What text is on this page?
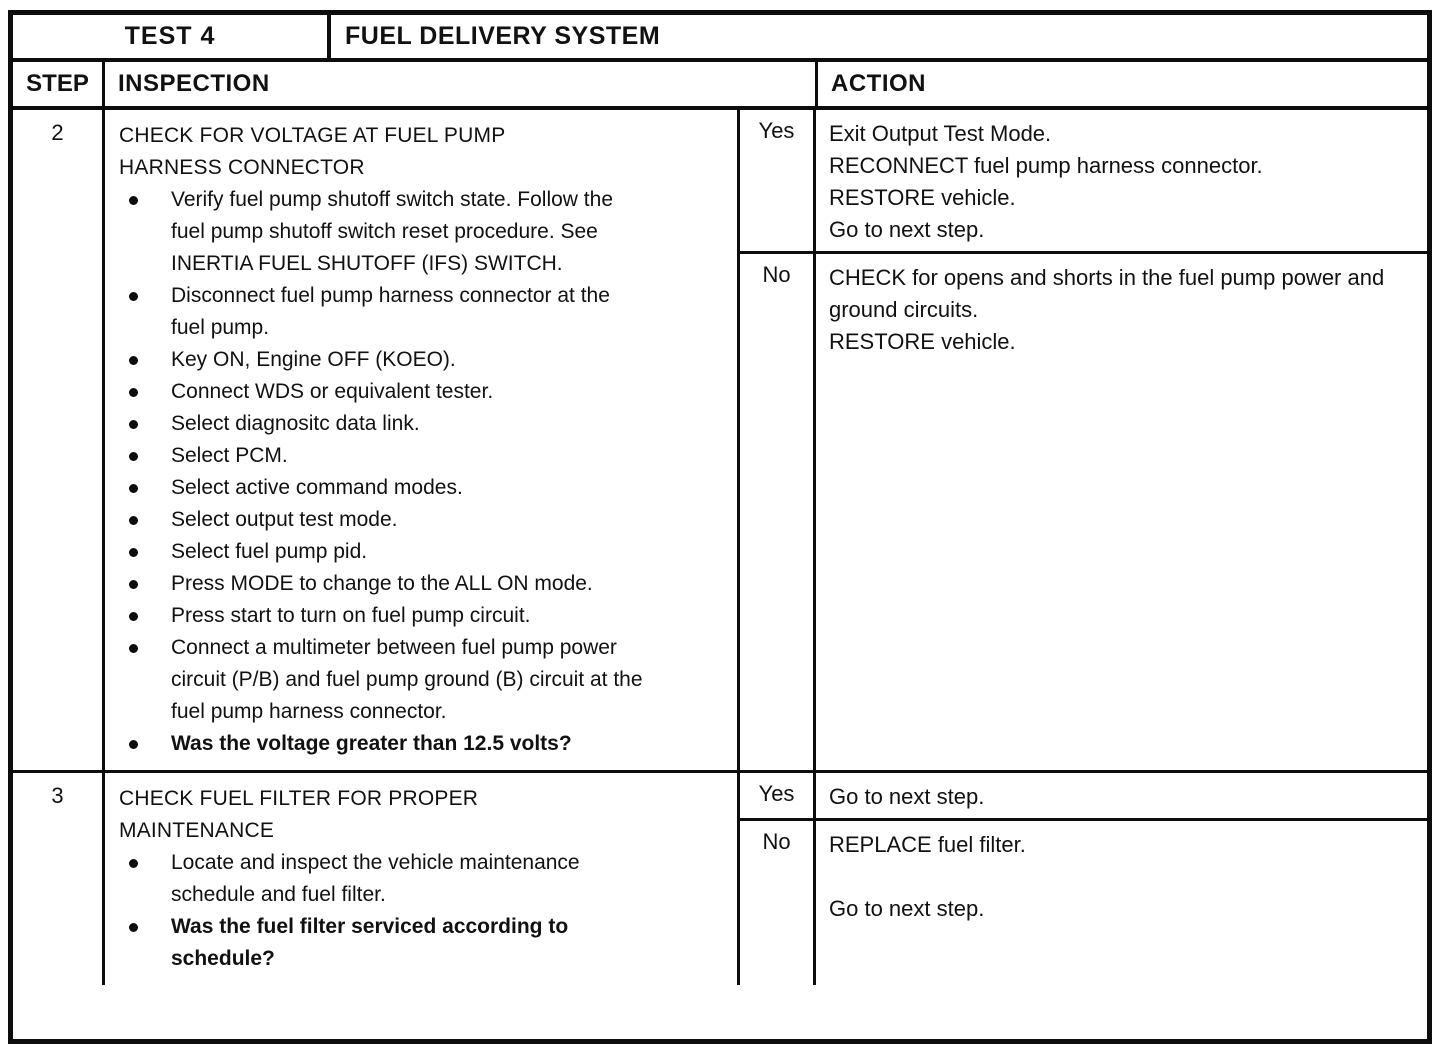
TEST 4	FUEL DELIVERY SYSTEM
STEP	INSPECTION	ACTION
2	CHECK FOR VOLTAGE AT FUEL PUMP HARNESS CONNECTOR
Verify fuel pump shutoff switch state. Follow the fuel pump shutoff switch reset procedure. See INERTIA FUEL SHUTOFF (IFS) SWITCH.
Disconnect fuel pump harness connector at the fuel pump.
Key ON, Engine OFF (KOEO).
Connect WDS or equivalent tester.
Select diagnositc data link.
Select PCM.
Select active command modes.
Select output test mode.
Select fuel pump pid.
Press MODE to change to the ALL ON mode.
Press start to turn on fuel pump circuit.
Connect a multimeter between fuel pump power circuit (P/B) and fuel pump ground (B) circuit at the fuel pump harness connector.
Was the voltage greater than 12.5 volts?
Yes	Exit Output Test Mode.
RECONNECT fuel pump harness connector.
RESTORE vehicle.
Go to next step.
No	CHECK for opens and shorts in the fuel pump power and ground circuits.
RESTORE vehicle.
3	CHECK FUEL FILTER FOR PROPER MAINTENANCE
Locate and inspect the vehicle maintenance schedule and fuel filter.
Was the fuel filter serviced according to schedule?
Yes	Go to next step.
No	REPLACE fuel filter.
Go to next step.
